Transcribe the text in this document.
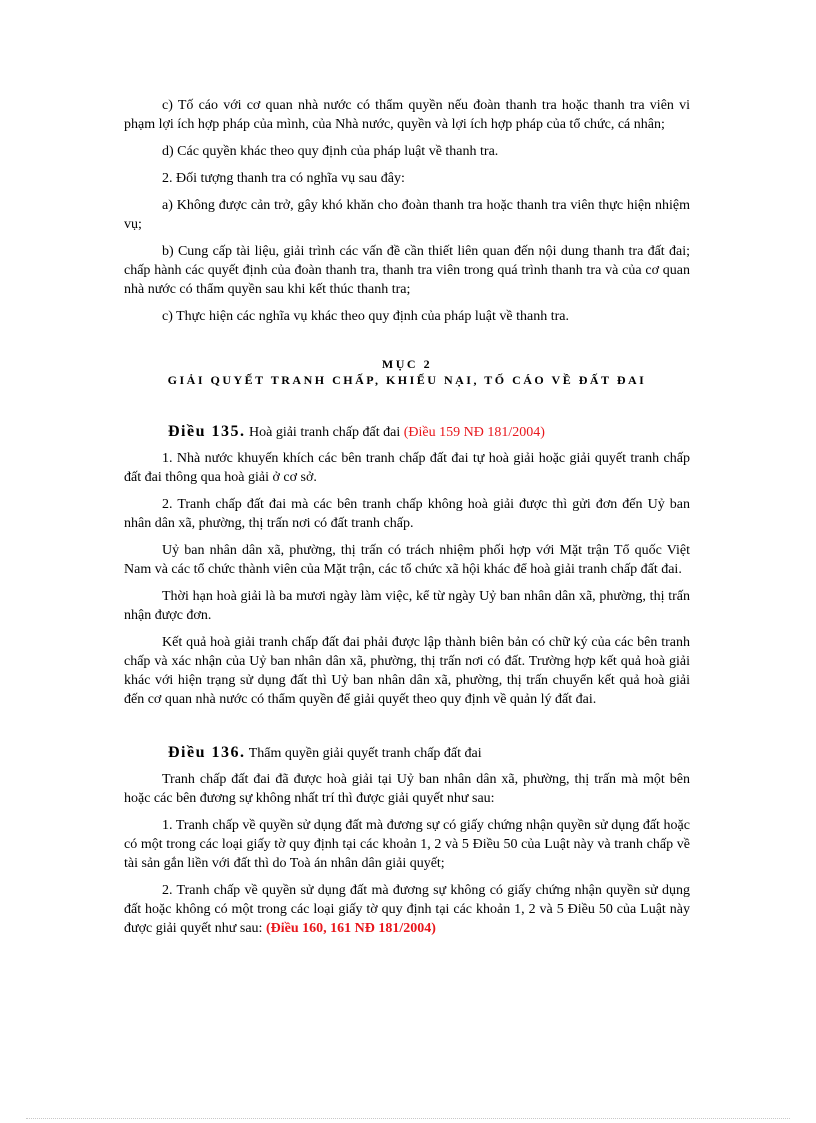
c) Tố cáo với cơ quan nhà nước có thẩm quyền nếu đoàn thanh tra hoặc thanh tra viên vi phạm lợi ích hợp pháp của mình, của Nhà nước, quyền và lợi ích hợp pháp của tổ chức, cá nhân;

d) Các quyền khác theo quy định của pháp luật về thanh tra.

2. Đối tượng thanh tra có nghĩa vụ sau đây:

a) Không được cản trở, gây khó khăn cho đoàn thanh tra hoặc thanh tra viên thực hiện nhiệm vụ;

b) Cung cấp tài liệu, giải trình các vấn đề cần thiết liên quan đến nội dung thanh tra đất đai; chấp hành các quyết định của đoàn thanh tra, thanh tra viên trong quá trình thanh tra và của cơ quan nhà nước có thẩm quyền sau khi kết thúc thanh tra;

c) Thực hiện các nghĩa vụ khác theo quy định của pháp luật về thanh tra.

MỤC 2
GIẢI QUYẾT TRANH CHẤP, KHIẾU NẠI, TỐ CÁO VỀ ĐẤT ĐAI
Điều 135. Hoà giải tranh chấp đất đai (Điều 159 NĐ 181/2004)

1. Nhà nước khuyến khích các bên tranh chấp đất đai tự hoà giải hoặc giải quyết tranh chấp đất đai thông qua hoà giải ở cơ sở.

2. Tranh chấp đất đai mà các bên tranh chấp không hoà giải được thì gửi đơn đến Uỷ ban nhân dân xã, phường, thị trấn nơi có đất tranh chấp.

Uỷ ban nhân dân xã, phường, thị trấn có trách nhiệm phối hợp với Mặt trận Tổ quốc Việt Nam và các tổ chức thành viên của Mặt trận, các tổ chức xã hội khác để hoà giải tranh chấp đất đai.

Thời hạn hoà giải là ba mươi ngày làm việc, kể từ ngày Uỷ ban nhân dân xã, phường, thị trấn nhận được đơn.

Kết quả hoà giải tranh chấp đất đai phải được lập thành biên bản có chữ ký của các bên tranh chấp và xác nhận của Uỷ ban nhân dân xã, phường, thị trấn nơi có đất. Trường hợp kết quả hoà giải khác với hiện trạng sử dụng đất thì Uỷ ban nhân dân xã, phường, thị trấn chuyển kết quả hoà giải đến cơ quan nhà nước có thẩm quyền để giải quyết theo quy định về quản lý đất đai.

Điều 136. Thẩm quyền giải quyết tranh chấp đất đai

Tranh chấp đất đai đã được hoà giải tại Uỷ ban nhân dân xã, phường, thị trấn mà một bên hoặc các bên đương sự không nhất trí thì được giải quyết như sau:

1. Tranh chấp về quyền sử dụng đất mà đương sự có giấy chứng nhận quyền sử dụng đất hoặc có một trong các loại giấy tờ quy định tại các khoản 1, 2 và 5 Điều 50 của Luật này và tranh chấp về tài sản gắn liền với đất thì do Toà án nhân dân giải quyết;

2. Tranh chấp về quyền sử dụng đất mà đương sự không có giấy chứng nhận quyền sử dụng đất hoặc không có một trong các loại giấy tờ quy định tại các khoản 1, 2 và 5 Điều 50 của Luật này được giải quyết như sau: (Điều 160, 161 NĐ 181/2004)
